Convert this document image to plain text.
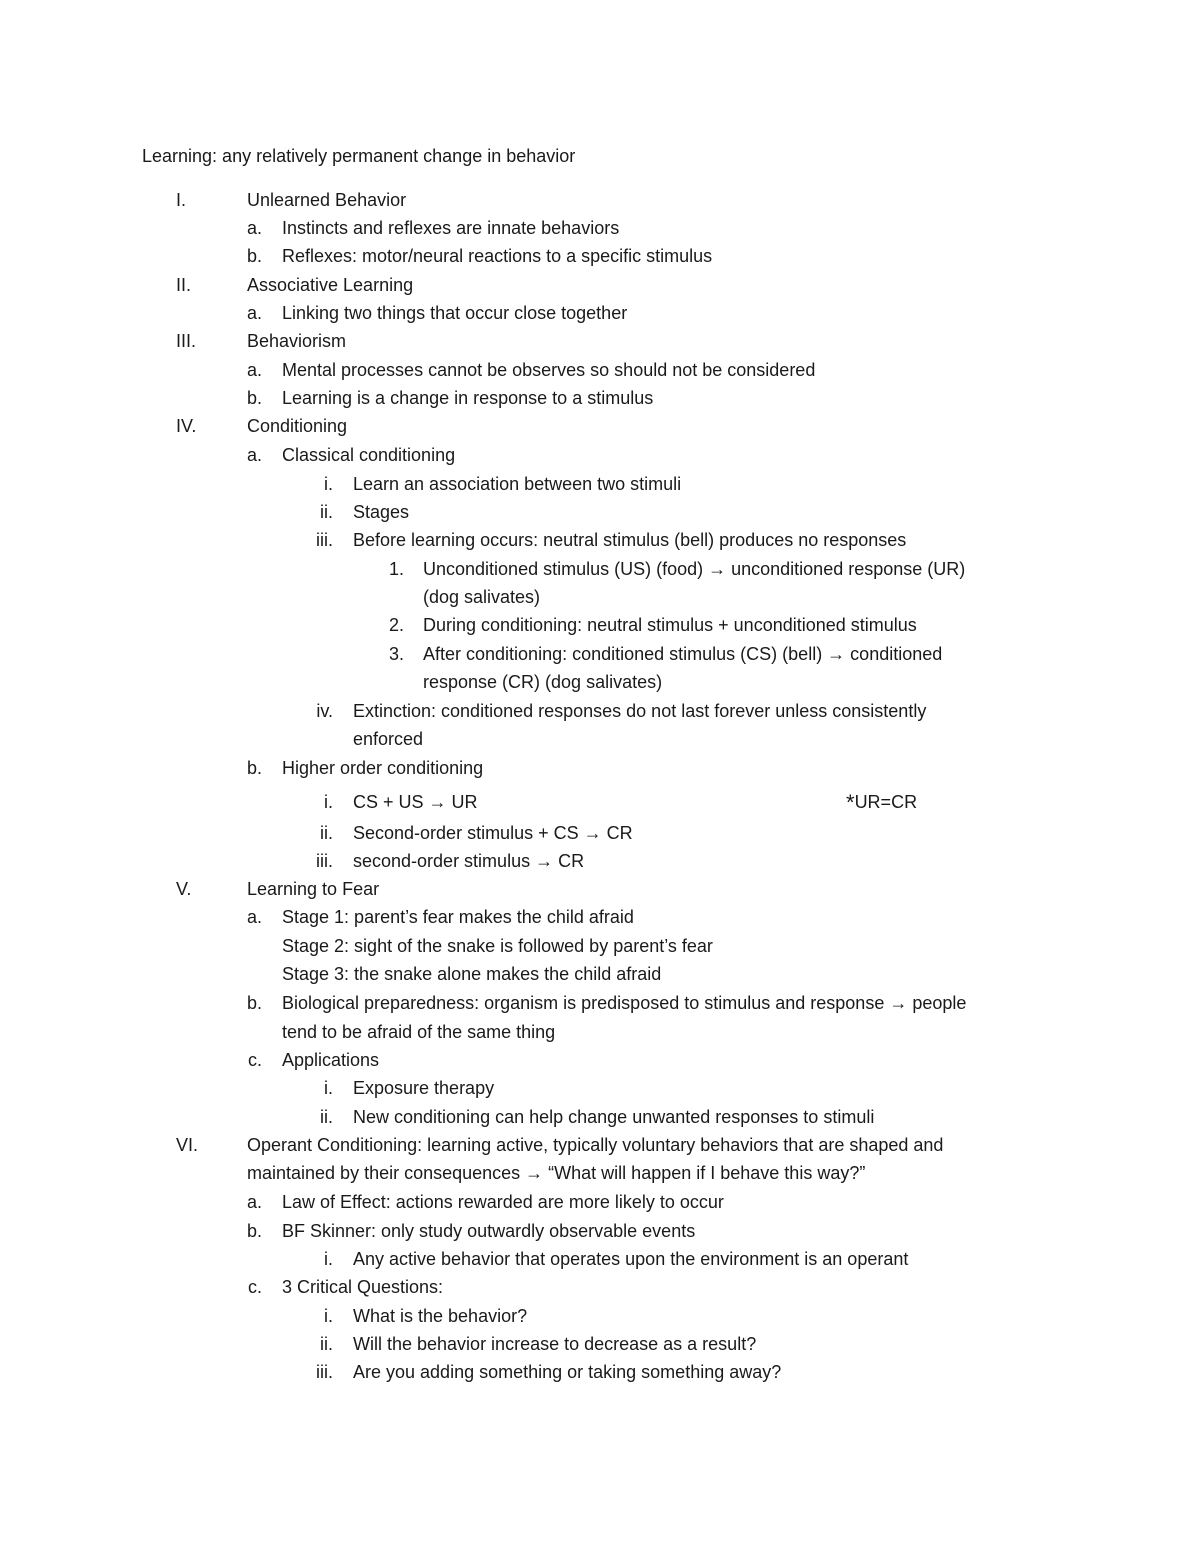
Learning: any relatively permanent change in behavior
I.	Unlearned Behavior
a. Instincts and reflexes are innate behaviors
b. Reflexes: motor/neural reactions to a specific stimulus
II.	Associative Learning
a. Linking two things that occur close together
III.	Behaviorism
a. Mental processes cannot be observes so should not be considered
b. Learning is a change in response to a stimulus
IV.	Conditioning
a. Classical conditioning
i. Learn an association between two stimuli
ii. Stages
iii. Before learning occurs: neutral stimulus (bell) produces no responses
1. Unconditioned stimulus (US) (food) → unconditioned response (UR)
(dog salivates)
2. During conditioning: neutral stimulus + unconditioned stimulus
3. After conditioning: conditioned stimulus (CS) (bell) → conditioned
response (CR) (dog salivates)
iv. Extinction: conditioned responses do not last forever unless consistently
enforced
b. Higher order conditioning
i. CS + US → UR
ii. Second-order stimulus + CS → CR
iii. second-order stimulus → CR
V.	Learning to Fear
a. Stage 1: parent’s fear makes the child afraid
Stage 2: sight of the snake is followed by parent’s fear
Stage 3: the snake alone makes the child afraid
b. Biological preparedness: organism is predisposed to stimulus and response → people
tend to be afraid of the same thing
c. Applications
i. Exposure therapy
ii. New conditioning can help change unwanted responses to stimuli
VI.	Operant Conditioning: learning active, typically voluntary behaviors that are shaped and
maintained by their consequences → “What will happen if I behave this way?”
a. Law of Effect: actions rewarded are more likely to occur
b. BF Skinner: only study outwardly observable events
i. Any active behavior that operates upon the environment is an operant
c. 3 Critical Questions:
i. What is the behavior?
ii. Will the behavior increase to decrease as a result?
iii. Are you adding something or taking something away?
*UR=CR
